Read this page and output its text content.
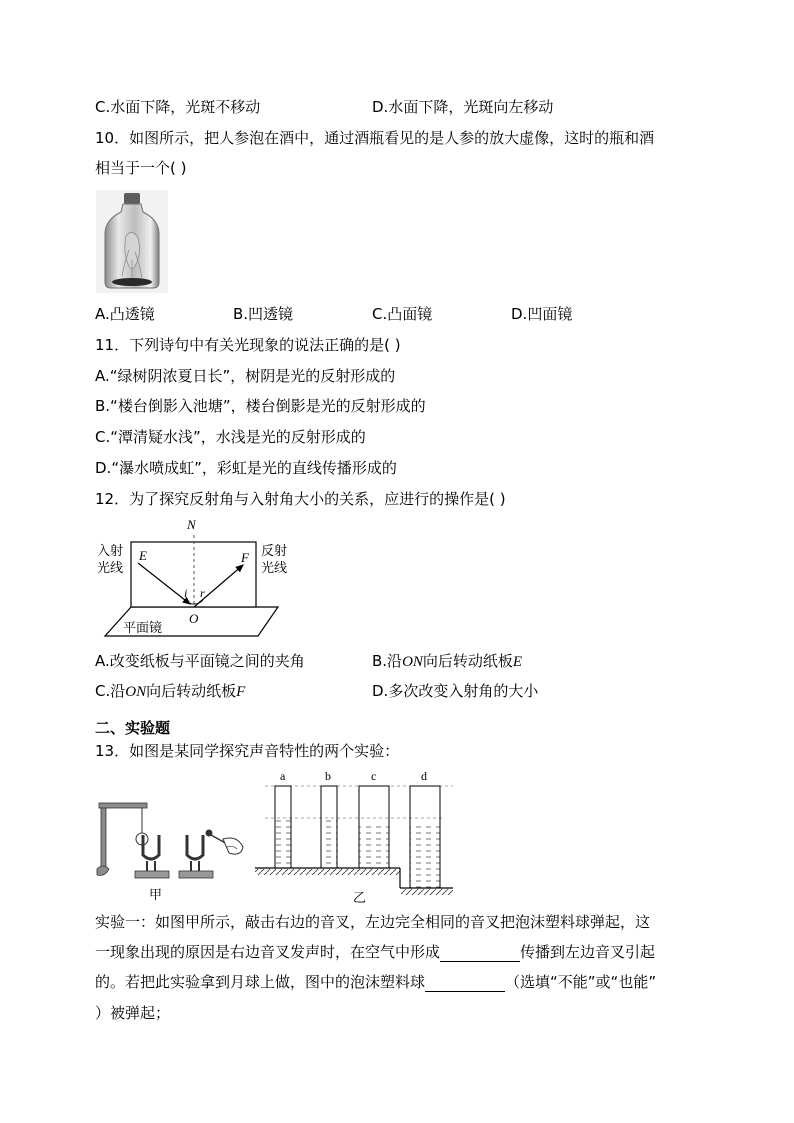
C.水面下降，光斑不移动	D.水面下降，光斑向左移动
10．如图所示，把人参泡在酒中，通过酒瓶看见的是人参的放大虚像，这时的瓶和酒
相当于一个( )
A.凸透镜	B.凹透镜	C.凸面镜	D.凹面镜
11．下列诗句中有关光现象的说法正确的是( )
A.“绿树阴浓夏日长”，树阴是光的反射形成的
B.“楼台倒影入池塘”，楼台倒影是光的反射形成的
C.“潭清疑水浅”，水浅是光的反射形成的
D.“瀑水喷成虹”，彩虹是光的直线传播形成的
12．为了探究反射角与入射角大小的关系，应进行的操作是( )
N
E	F
O
i r
入射
光线
反射
光线
平面镜
A.改变纸板与平面镜之间的夹角	B.沿ON向后转动纸板E
C.沿ON向后转动纸板F	D.多次改变入射角的大小
二、实验题
13．如图是某同学探究声音特性的两个实验：
甲
a	b	c	d
乙
实验一：如图甲所示，敲击右边的音叉，左边完全相同的音叉把泡沫塑料球弹起，这
一现象出现的原因是右边音叉发声时，在空气中形成	传播到左边音叉引起
的。若把此实验拿到月球上做，图中的泡沫塑料球	（选填“不能”或“也能”
）被弹起；
